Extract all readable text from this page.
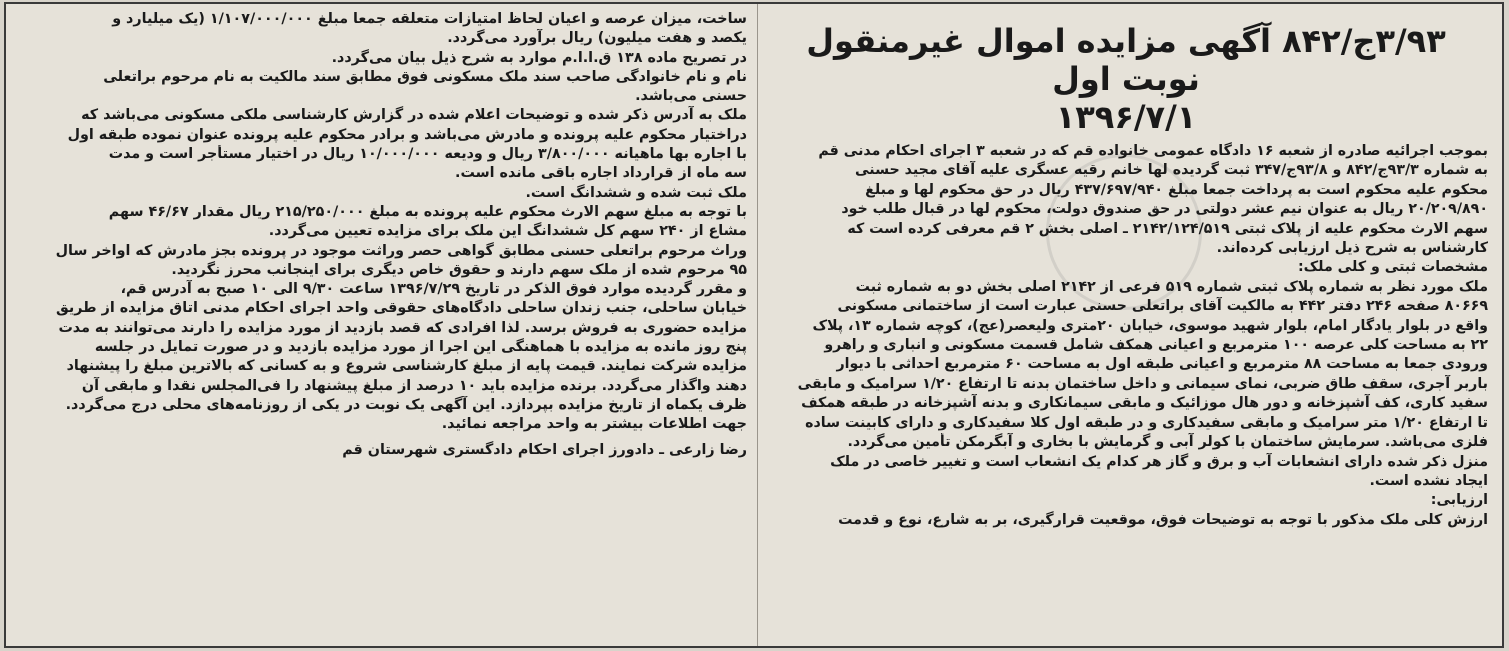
۳/۹۳ج/۸۴۲ آگهی مزایده اموال غیرمنقول نوبت اول
۱۳۹۶/۷/۱

بموجب اجرائیه صادره از شعبه ۱۶ دادگاه عمومی خانواده قم که در شعبه ۳ اجرای احکام مدنی قم

به شماره ۹۳/۳ج/۸۴۲ و ۹۳/۸ج/۳۴۷ ثبت گردیده لها خانم رقیه عسگری علیه آقای مجید حسنی

محکوم علیه محکوم است به پرداخت جمعا مبلغ ۴۳۷/۶۹۷/۹۴۰ ریال در حق محکوم لها و مبلغ

۲۰/۲۰۹/۸۹۰ ریال به عنوان نیم عشر دولتی در حق صندوق دولت، محکوم لها در قبال طلب خود

سهم الارث محکوم علیه از پلاک ثبتی ۲۱۴۲/۱۲۴/۵۱۹ ـ اصلی بخش ۲ قم معرفی کرده است که

کارشناس به شرح ذیل ارزیابی کرده‌اند.

مشخصات ثبتی و کلی ملک:

ملک مورد نظر به شماره پلاک ثبتی شماره ۵۱۹ فرعی از ۲۱۴۲ اصلی بخش دو به شماره ثبت

۸۰۶۶۹ صفحه ۲۴۶ دفتر ۴۴۲ به مالکیت آقای براتعلی حسنی عبارت است از ساختمانی مسکونی

واقع در بلوار یادگار امام، بلوار شهید موسوی، خیابان ۲۰متری ولیعصر(عج)، کوچه شماره ۱۳، پلاک

۲۲ به مساحت کلی عرصه ۱۰۰ مترمربع و اعیانی همکف شامل قسمت مسکونی و انباری و راهرو

ورودی جمعا به مساحت ۸۸ مترمربع و اعیانی طبقه اول به مساحت ۶۰ مترمربع احداثی با دیوار

باربر آجری، سقف طاق ضربی، نمای سیمانی و داخل ساختمان بدنه تا ارتفاع ۱/۲۰ سرامیک و مابقی

سفید کاری، کف آشپزخانه و دور هال موزائیک و مابقی سیمانکاری و بدنه آشپزخانه در طبقه همکف

تا ارتفاع ۱/۲۰ متر سرامیک و مابقی سفیدکاری و در طبقه اول کلا سفیدکاری و دارای کابینت ساده

فلزی می‌باشد. سرمایش ساختمان با کولر آبی و گرمایش با بخاری و آبگرمکن تأمین می‌گردد.

منزل ذکر شده دارای انشعابات آب و برق و گاز هر کدام یک انشعاب است و تغییر خاصی در ملک

ایجاد نشده است.

ارزیابی:

ارزش کلی ملک مذکور با توجه به توضیحات فوق، موقعیت قرارگیری، بر به شارع، نوع و قدمت

ساخت، میزان عرصه و اعیان لحاظ امتیازات متعلقه جمعا مبلغ ۱/۱۰۷/۰۰۰/۰۰۰ (یک میلیارد و

یکصد و هفت میلیون) ریال برآورد می‌گردد.

در تصریح ماده ۱۳۸ ق.ا.ا.م موارد به شرح ذیل بیان می‌گردد.

نام و نام خانوادگی صاحب سند ملک مسکونی فوق مطابق سند مالکیت به نام مرحوم براتعلی

حسنی می‌باشد.

ملک به آدرس ذکر شده و توضیحات اعلام شده در گزارش کارشناسی ملکی مسکونی می‌باشد که

دراختیار محکوم علیه پرونده و مادرش می‌باشد و برادر محکوم علیه پرونده عنوان نموده طبقه اول

با اجاره بها ماهیانه ۳/۸۰۰/۰۰۰ ریال و ودیعه ۱۰/۰۰۰/۰۰۰ ریال در اختیار مستأجر است و مدت

سه ماه از قرارداد اجاره باقی مانده است.

ملک ثبت شده و ششدانگ است.

با توجه به مبلغ سهم الارث محکوم علیه پرونده به مبلغ ۲۱۵/۲۵۰/۰۰۰ ریال مقدار ۴۶/۶۷ سهم

مشاع از ۲۴۰ سهم کل ششدانگ این ملک برای مزایده تعیین می‌گردد.

وراث مرحوم براتعلی حسنی مطابق گواهی حصر وراثت موجود در پرونده بجز مادرش که اواخر سال

۹۵ مرحوم شده از ملک سهم دارند و حقوق خاص دیگری برای اینجانب محرز نگردید.

و مقرر گردیده موارد فوق الذکر در تاریخ ۱۳۹۶/۷/۲۹ ساعت ۹/۳۰ الی ۱۰ صبح به آدرس قم،

خیابان ساحلی، جنب زندان ساحلی دادگاه‌های حقوقی واحد اجرای احکام مدنی اتاق مزایده از طریق

مزایده حضوری به فروش برسد. لذا افرادی که قصد بازدید از مورد مزایده را دارند می‌توانند به مدت

پنج روز مانده به مزایده با هماهنگی این اجرا از مورد مزایده بازدید و در صورت تمایل در جلسه

مزایده شرکت نمایند. قیمت پایه از مبلغ کارشناسی شروع و به کسانی که بالاترین مبلغ را پیشنهاد

دهند واگذار می‌گردد. برنده مزایده باید ۱۰ درصد از مبلغ پیشنهاد را فی‌المجلس نقدا و مابقی آن

ظرف یکماه از تاریخ مزایده بپردازد. این آگهی یک نوبت در یکی از روزنامه‌های محلی درج می‌گردد.

جهت اطلاعات بیشتر به واحد مراجعه نمائید.

رضا زارعی ـ دادورز اجرای احکام دادگستری شهرستان قم
